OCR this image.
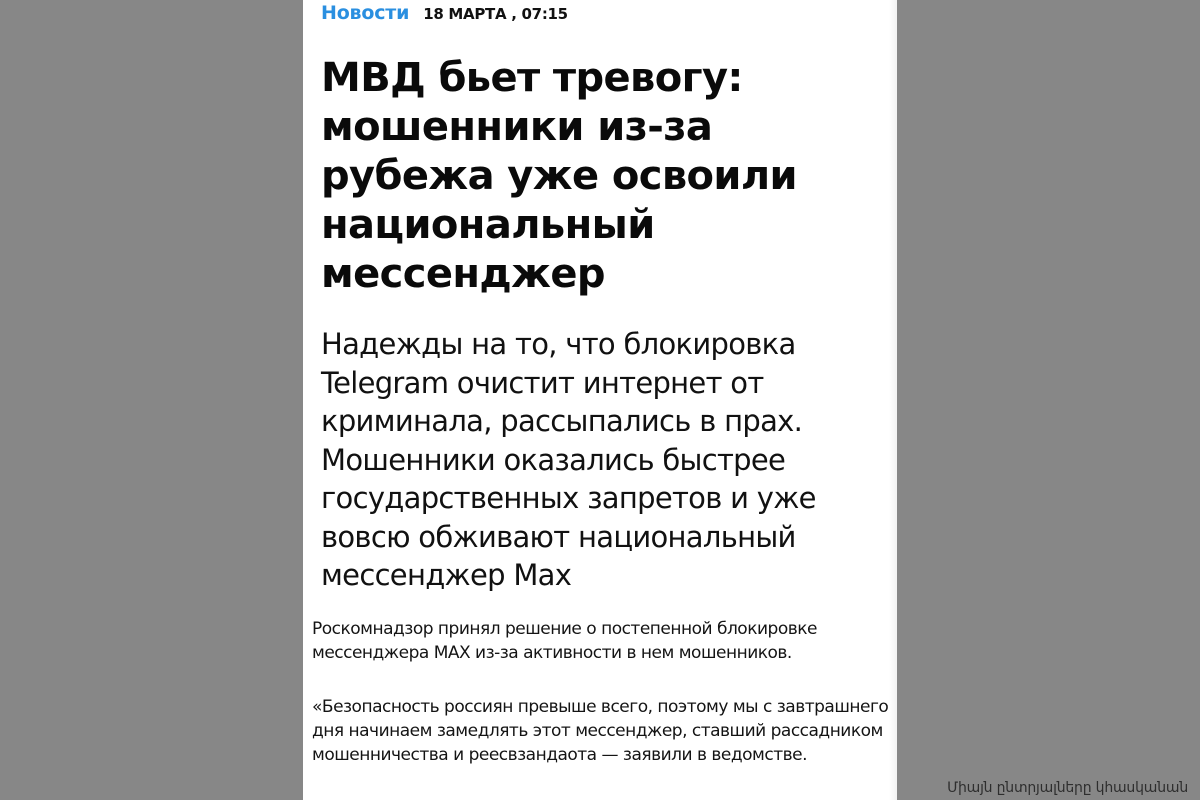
Новости 18 МАРТА , 07:15
МВД бьет тревогу: мошенники из-за рубежа уже освоили национальный мессенджер

Надежды на то, что блокировка Telegram очистит интернет от криминала, рассыпались в прах. Мошенники оказались быстрее государственных запретов и уже вовсю обживают национальный мессенджер Max

Роскомнадзор принял решение о постепенной блокировке мессенджера MAX из-за активности в нем мошенников.

«Безопасность россиян превыше всего, поэтому мы с завтрашнего дня начинаем замедлять этот мессенджер, ставший рассадником мошенничества и реесвзандаота — заявили в ведомстве.

Միայն ընտրյալները կհասկանան
